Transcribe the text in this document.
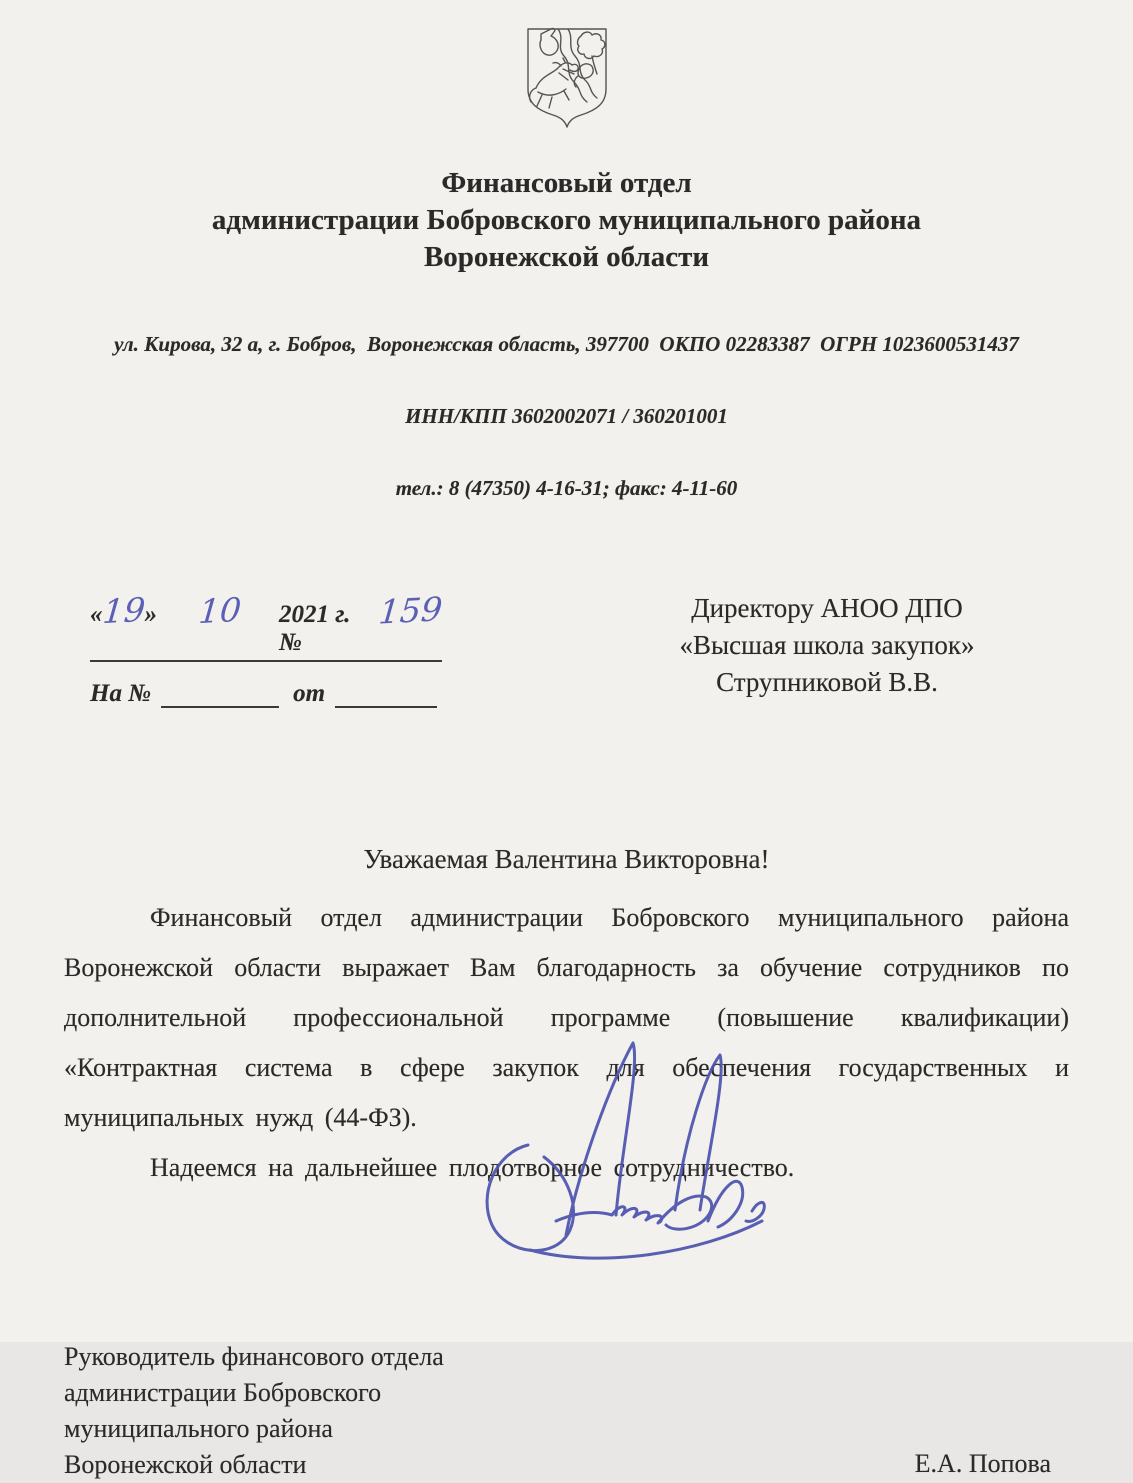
Финансовый отдел
администрации Бобровского муниципального района
Воронежской области

ул. Кирова, 32 а, г. Бобров,  Воронежская область, 397700  ОКПО 02283387  ОГРН 1023600531437

ИНН/КПП 3602002071 / 360201001

тел.: 8 (47350) 4-16-31; факс: 4-11-60

«
19
» 10 2021 г. №
159
На №	от
Директору АНОО ДПО
«Высшая школа закупок»
Струпниковой В.В.
Уважаемая Валентина Викторовна!

Финансовый отдел администрации Бобровского муниципального района Воронежской области выражает Вам благодарность за обучение сотрудников по дополнительной профессиональной программе (повышение квалификации) «Контрактная система в сфере закупок для обеспечения государственных и муниципальных нужд (44-ФЗ).

Надеемся на дальнейшее плодотворное сотрудничество.

Руководитель финансового отдела
администрации Бобровского
муниципального района
Воронежской области	Е.А. Попова
